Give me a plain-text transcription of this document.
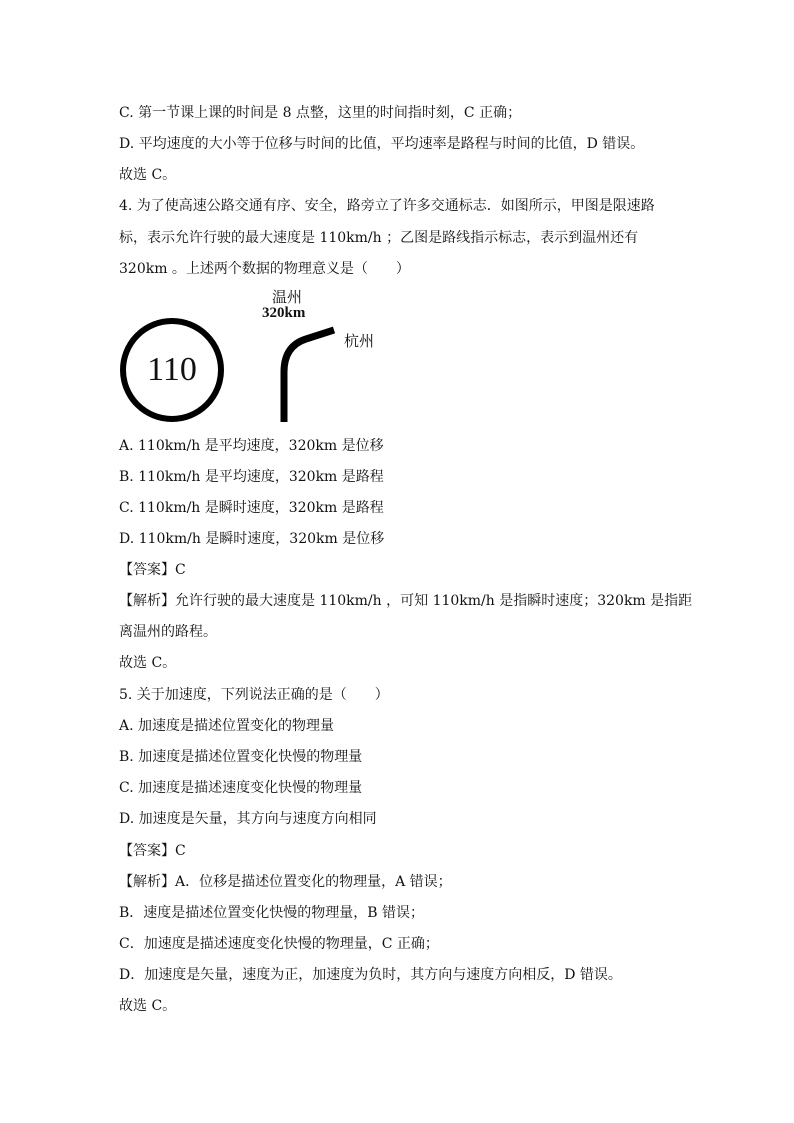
C. 第一节课上课的时间是 8 点整，这里的时间指时刻，C 正确；
D. 平均速度的大小等于位移与时间的比值，平均速率是路程与时间的比值，D 错误。
故选 C。
4. 为了使高速公路交通有序、安全，路旁立了许多交通标志．如图所示，甲图是限速路
标，表示允许行驶的最大速度是 110km/h ；乙图是路线指示标志，表示到温州还有
320km 。上述两个数据的物理意义是（　　）
110
温州
320km
杭州
A. 110km/h 是平均速度，320km 是位移
B. 110km/h 是平均速度，320km 是路程
C. 110km/h 是瞬时速度，320km 是路程
D. 110km/h 是瞬时速度，320km 是位移
【答案】C
【解析】允许行驶的最大速度是 110km/h ，可知 110km/h 是指瞬时速度；320km 是指距
离温州的路程。
故选 C。
5. 关于加速度，下列说法正确的是（　　）
A. 加速度是描述位置变化的物理量
B. 加速度是描述位置变化快慢的物理量
C. 加速度是描述速度变化快慢的物理量
D. 加速度是矢量，其方向与速度方向相同
【答案】C
【解析】A．位移是描述位置变化的物理量，A 错误；
B．速度是描述位置变化快慢的物理量，B 错误；
C．加速度是描述速度变化快慢的物理量，C 正确；
D．加速度是矢量，速度为正，加速度为负时，其方向与速度方向相反，D 错误。
故选 C。
